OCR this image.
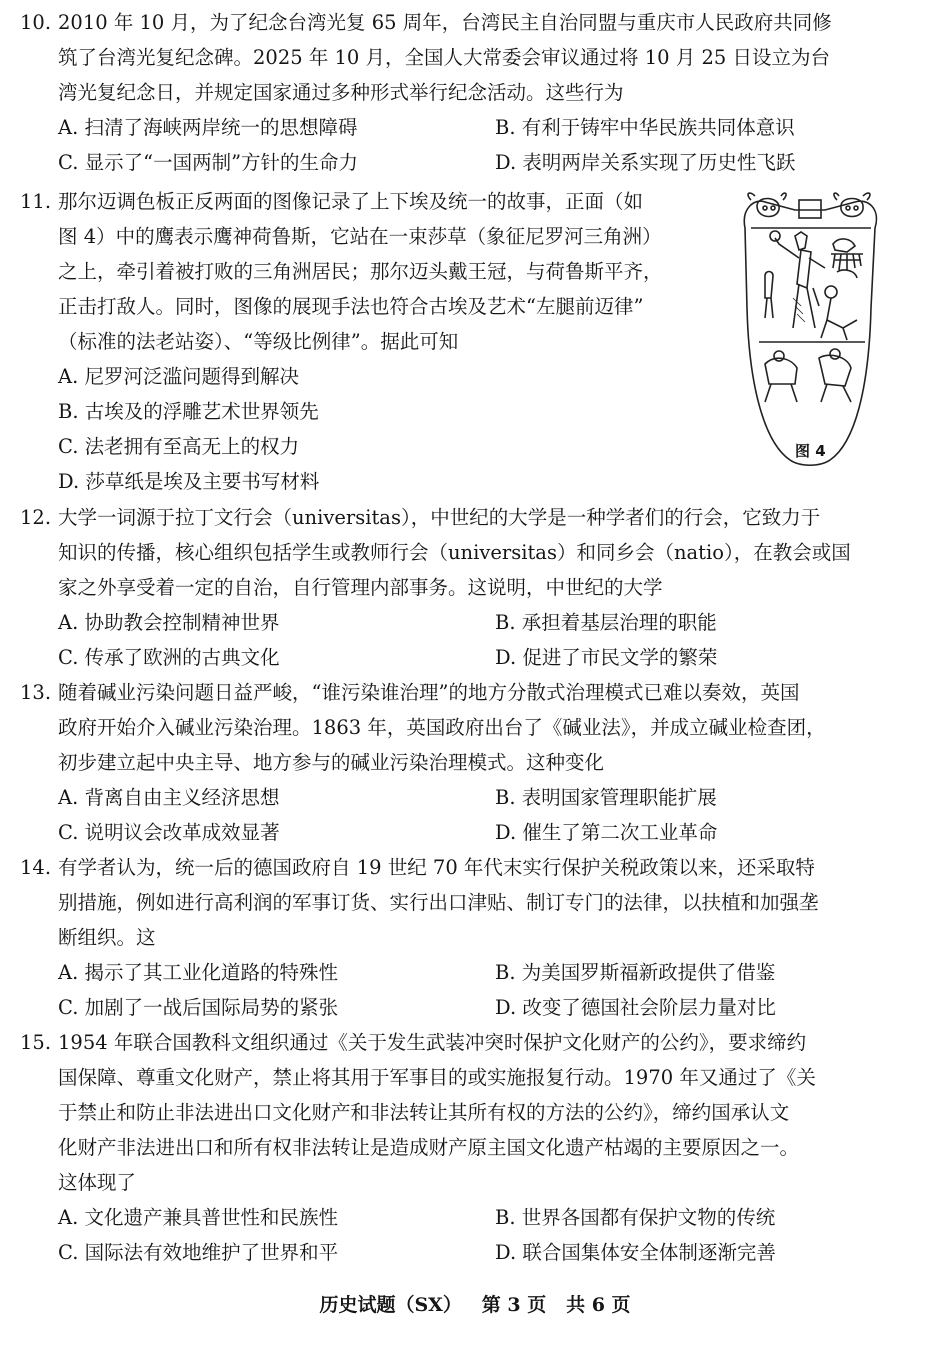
10. 2010 年 10 月，为了纪念台湾光复 65 周年，台湾民主自治同盟与重庆市人民政府共同修
筑了台湾光复纪念碑。2025 年 10 月，全国人大常委会审议通过将 10 月 25 日设立为台
湾光复纪念日，并规定国家通过多种形式举行纪念活动。这些行为
A. 扫清了海峡两岸统一的思想障碍	B. 有利于铸牢中华民族共同体意识
C. 显示了“一国两制”方针的生命力	D. 表明两岸关系实现了历史性飞跃
11. 那尔迈调色板正反两面的图像记录了上下埃及统一的故事，正面（如
图 4）中的鹰表示鹰神荷鲁斯，它站在一束莎草（象征尼罗河三角洲）
之上，牵引着被打败的三角洲居民；那尔迈头戴王冠，与荷鲁斯平齐，
正击打敌人。同时，图像的展现手法也符合古埃及艺术“左腿前迈律”
（标准的法老站姿）、“等级比例律”。据此可知
A. 尼罗河泛滥问题得到解决
B. 古埃及的浮雕艺术世界领先
C. 法老拥有至高无上的权力
D. 莎草纸是埃及主要书写材料
图 4
12. 大学一词源于拉丁文行会（universitas），中世纪的大学是一种学者们的行会，它致力于
知识的传播，核心组织包括学生或教师行会（universitas）和同乡会（natio），在教会或国
家之外享受着一定的自治，自行管理内部事务。这说明，中世纪的大学
A. 协助教会控制精神世界	B. 承担着基层治理的职能
C. 传承了欧洲的古典文化	D. 促进了市民文学的繁荣
13. 随着碱业污染问题日益严峻，“谁污染谁治理”的地方分散式治理模式已难以奏效，英国
政府开始介入碱业污染治理。1863 年，英国政府出台了《碱业法》，并成立碱业检查团，
初步建立起中央主导、地方参与的碱业污染治理模式。这种变化
A. 背离自由主义经济思想	B. 表明国家管理职能扩展
C. 说明议会改革成效显著	D. 催生了第二次工业革命
14. 有学者认为，统一后的德国政府自 19 世纪 70 年代末实行保护关税政策以来，还采取特
别措施，例如进行高利润的军事订货、实行出口津贴、制订专门的法律，以扶植和加强垄
断组织。这
A. 揭示了其工业化道路的特殊性	B. 为美国罗斯福新政提供了借鉴
C. 加剧了一战后国际局势的紧张	D. 改变了德国社会阶层力量对比
15. 1954 年联合国教科文组织通过《关于发生武装冲突时保护文化财产的公约》，要求缔约
国保障、尊重文化财产，禁止将其用于军事目的或实施报复行动。1970 年又通过了《关
于禁止和防止非法进出口文化财产和非法转让其所有权的方法的公约》，缔约国承认文
化财产非法进出口和所有权非法转让是造成财产原主国文化遗产枯竭的主要原因之一。
这体现了
A. 文化遗产兼具普世性和民族性	B. 世界各国都有保护文物的传统
C. 国际法有效地维护了世界和平	D. 联合国集体安全体制逐渐完善
历史试题（SX） 第 3 页 共 6 页
